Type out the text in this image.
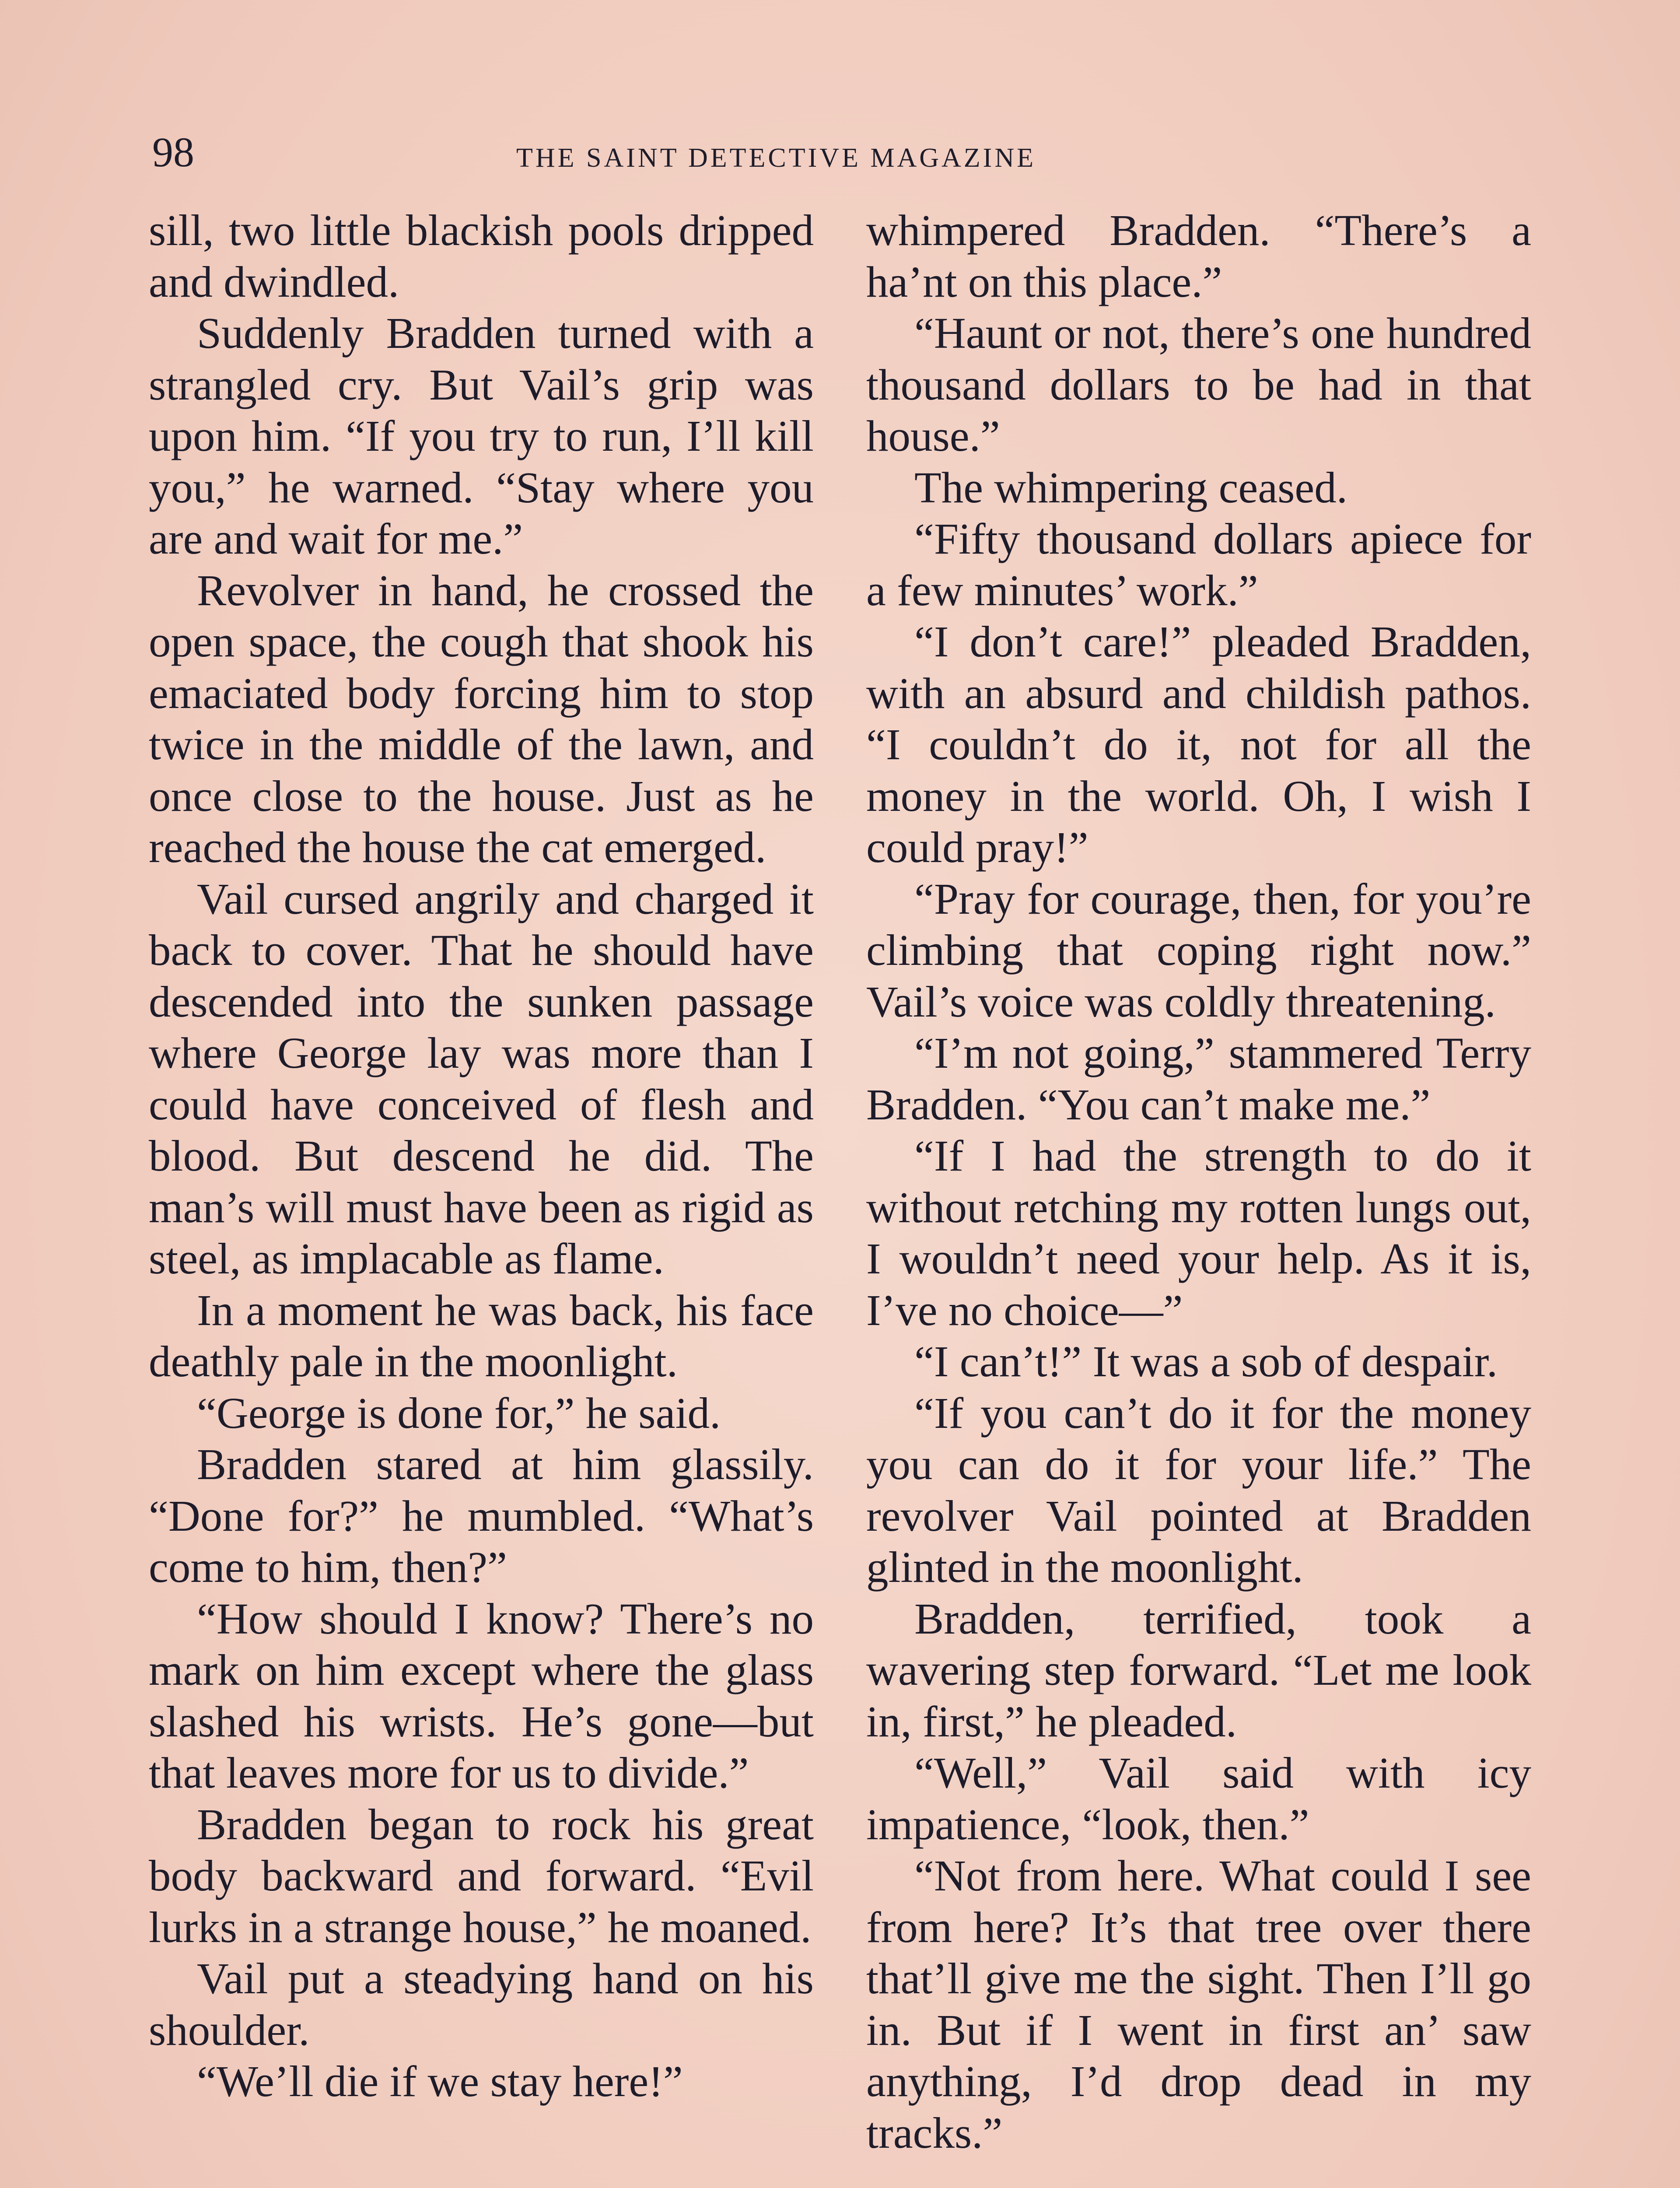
98	THE SAINT DETECTIVE MAGAZINE

sill, two little blackish pools dripped and dwindled.

Suddenly Bradden turned with a strangled cry. But Vail’s grip was upon him. “If you try to run, I’ll kill you,” he warned. “Stay where you are and wait for me.”

Revolver in hand, he crossed the open space, the cough that shook his emaciated body forcing him to stop twice in the middle of the lawn, and once close to the house. Just as he reached the house the cat emerged.

Vail cursed angrily and charged it back to cover. That he should have descended into the sunken passage where George lay was more than I could have conceived of flesh and blood. But descend he did. The man’s will must have been as rigid as steel, as implacable as flame.

In a moment he was back, his face deathly pale in the moonlight.

“George is done for,” he said.

Bradden stared at him glassily. “Done for?” he mumbled. “What’s come to him, then?”

“How should I know? There’s no mark on him except where the glass slashed his wrists. He’s gone—but that leaves more for us to divide.”

Bradden began to rock his great body backward and forward. “Evil lurks in a strange house,” he moaned.

Vail put a steadying hand on his shoulder.

“We’ll die if we stay here!”

whimpered Bradden. “There’s a ha’nt on this place.”

“Haunt or not, there’s one hundred thousand dollars to be had in that house.”

The whimpering ceased.

“Fifty thousand dollars apiece for a few minutes’ work.”

“I don’t care!” pleaded Bradden, with an absurd and childish pathos. “I couldn’t do it, not for all the money in the world. Oh, I wish I could pray!”

“Pray for courage, then, for you’re climbing that coping right now.” Vail’s voice was coldly threatening.

“I’m not going,” stammered Terry Bradden. “You can’t make me.”

“If I had the strength to do it without retching my rotten lungs out, I wouldn’t need your help. As it is, I’ve no choice—”

“I can’t!” It was a sob of despair.

“If you can’t do it for the money you can do it for your life.” The revolver Vail pointed at Bradden glinted in the moonlight.

Bradden, terrified, took a wavering step forward. “Let me look in, first,” he pleaded.

“Well,” Vail said with icy impatience, “look, then.”

“Not from here. What could I see from here? It’s that tree over there that’ll give me the sight. Then I’ll go in. But if I went in first an’ saw anything, I’d drop dead in my tracks.”
